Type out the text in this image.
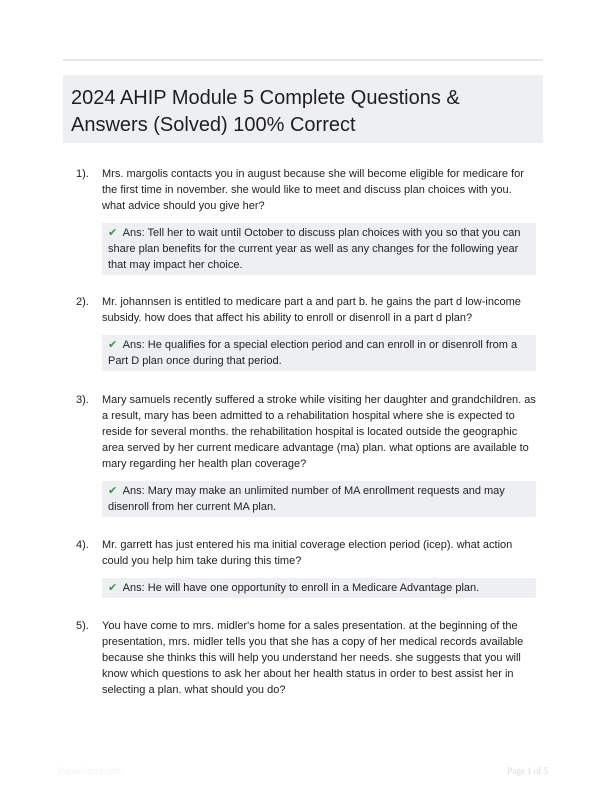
2024 AHIP Module 5 Complete Questions & Answers (Solved) 100% Correct
1). Mrs. margolis contacts you in august because she will become eligible for medicare for the first time in november. she would like to meet and discuss plan choices with you. what advice should you give her?
✔ Ans: Tell her to wait until October to discuss plan choices with you so that you can share plan benefits for the current year as well as any changes for the following year that may impact her choice.
2). Mr. johannsen is entitled to medicare part a and part b. he gains the part d low-income subsidy. how does that affect his ability to enroll or disenroll in a part d plan?
✔ Ans: He qualifies for a special election period and can enroll in or disenroll from a Part D plan once during that period.
3). Mary samuels recently suffered a stroke while visiting her daughter and grandchildren. as a result, mary has been admitted to a rehabilitation hospital where she is expected to reside for several months. the rehabilitation hospital is located outside the geographic area served by her current medicare advantage (ma) plan. what options are available to mary regarding her health plan coverage?
✔ Ans: Mary may make an unlimited number of MA enrollment requests and may disenroll from her current MA plan.
4). Mr. garrett has just entered his ma initial coverage election period (icep). what action could you help him take during this time?
✔ Ans: He will have one opportunity to enroll in a Medicare Advantage plan.
5). You have come to mrs. midler's home for a sales presentation. at the beginning of the presentation, mrs. midler tells you that she has a copy of her medical records available because she thinks this will help you understand her needs. she suggests that you will know which questions to ask her about her health status in order to best assist her in selecting a plan. what should you do?
PaperStore.com	Page 1 of 5
